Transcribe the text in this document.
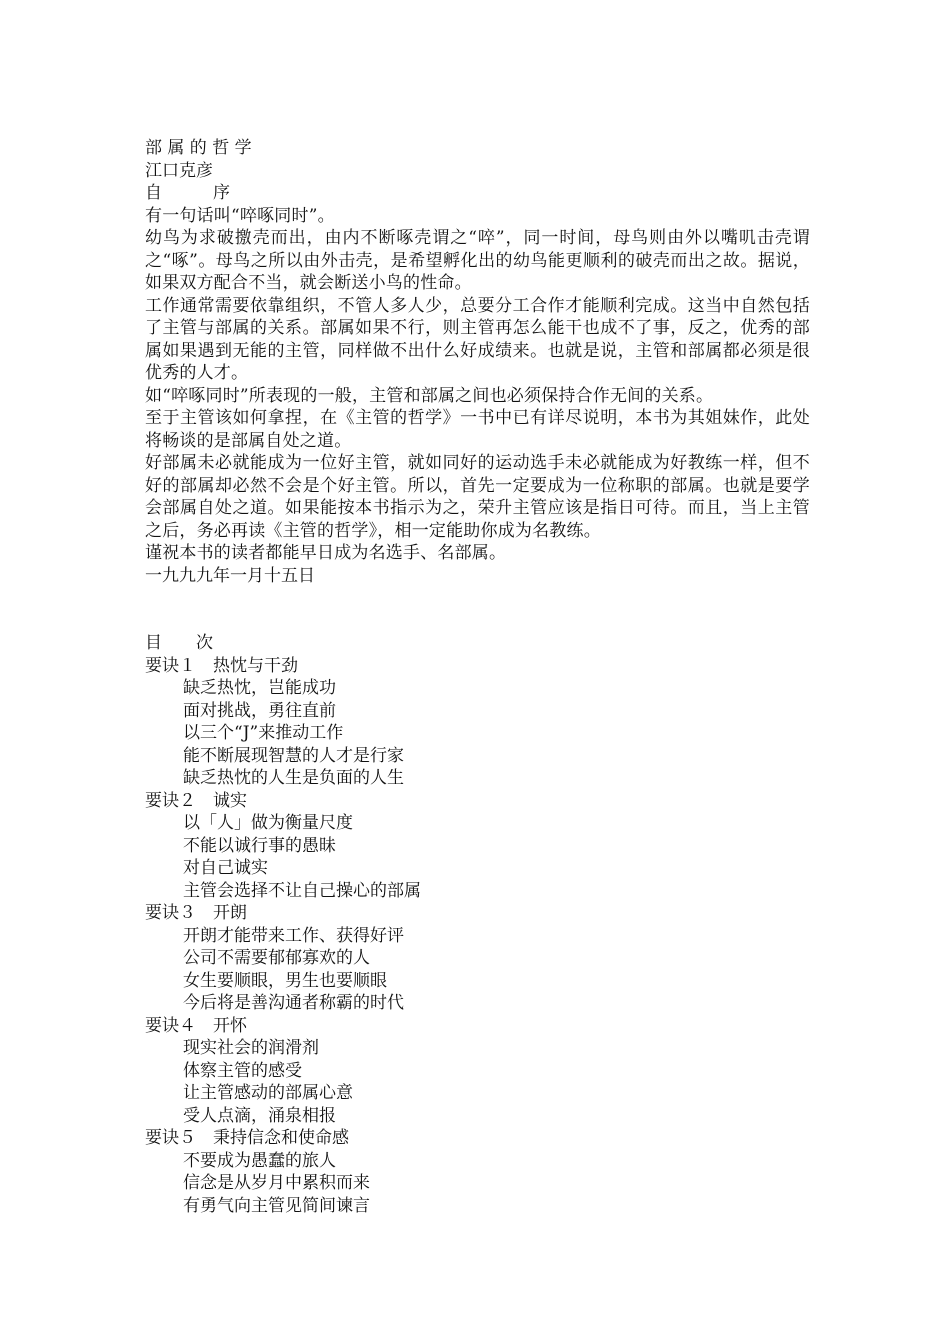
部 属 的 哲 学
江口克彦
自　　　序

有一句话叫“啐啄同时”。

幼鸟为求破撽壳而出，由内不断啄壳谓之“啐”，同一时间，母鸟则由外以嘴叽击壳谓之“啄”。母鸟之所以由外击壳，是希望孵化出的幼鸟能更顺利的破壳而出之故。据说，如果双方配合不当，就会断送小鸟的性命。

工作通常需要依靠组织，不管人多人少，总要分工合作才能顺利完成。这当中自然包括了主管与部属的关系。部属如果不行，则主管再怎么能干也成不了事，反之，优秀的部属如果遇到无能的主管，同样做不出什么好成绩来。也就是说，主管和部属都必须是很优秀的人才。

如“啐啄同时”所表现的一般，主管和部属之间也必须保持合作无间的关系。

至于主管该如何拿捏，在《主管的哲学》一书中已有详尽说明，本书为其姐妹作，此处将畅谈的是部属自处之道。

好部属未必就能成为一位好主管，就如同好的运动选手未必就能成为好教练一样，但不好的部属却必然不会是个好主管。所以，首先一定要成为一位称职的部属。也就是要学会部属自处之道。如果能按本书指示为之，荣升主管应该是指日可待。而且，当上主管之后，务必再读《主管的哲学》，相一定能助你成为名教练。

谨祝本书的读者都能早日成为名选手、名部属。

一九九九年一月十五日
目　　次
要诀１　热忱与干劲
缺乏热忱，岂能成功
面对挑战，勇往直前
以三个“J”来推动工作
能不断展现智慧的人才是行家
缺乏热忱的人生是负面的人生
要诀２　诚实
以「人」做为衡量尺度
不能以诚行事的愚昧
对自己诚实
主管会选择不让自己操心的部属
要诀３　开朗
开朗才能带来工作、获得好评
公司不需要郁郁寡欢的人
女生要顺眼，男生也要顺眼
今后将是善沟通者称霸的时代
要诀４　开怀
现实社会的润滑剂
体察主管的感受
让主管感动的部属心意
受人点滴，涌泉相报
要诀５　秉持信念和使命感
不要成为愚蠢的旅人
信念是从岁月中累积而来
有勇气向主管见简间谏言
